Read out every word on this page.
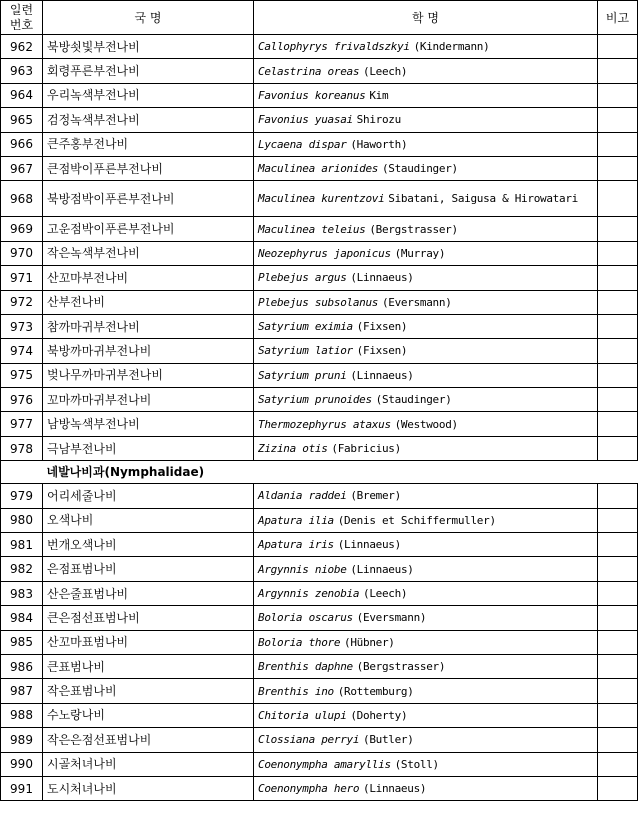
일련
번호	국 명	학 명	비고
962	북방쇳빛부전나비	Callophyrys frivaldszkyi (Kindermann)	
963	회령푸른부전나비	Celastrina oreas (Leech)	
964	우리녹색부전나비	Favonius koreanus Kim	
965	검정녹색부전나비	Favonius yuasai Shirozu	
966	큰주홍부전나비	Lycaena dispar (Haworth)	
967	큰점박이푸른부전나비	Maculinea arionides (Staudinger)	
968	북방점박이푸른부전나비	Maculinea kurentzovi Sibatani, Saigusa & Hirowatari	
969	고운점박이푸른부전나비	Maculinea teleius (Bergstrasser)	
970	작은녹색부전나비	Neozephyrus japonicus (Murray)	
971	산꼬마부전나비	Plebejus argus (Linnaeus)	
972	산부전나비	Plebejus subsolanus (Eversmann)	
973	참까마귀부전나비	Satyrium eximia (Fixsen)	
974	북방까마귀부전나비	Satyrium latior (Fixsen)	
975	벚나무까마귀부전나비	Satyrium pruni (Linnaeus)	
976	꼬마까마귀부전나비	Satyrium prunoides (Staudinger)	
977	남방녹색부전나비	Thermozephyrus ataxus (Westwood)	
978	극남부전나비	Zizina otis (Fabricius)	
	네발나비과(Nymphalidae)		
979	어리세줄나비	Aldania raddei (Bremer)	
980	오색나비	Apatura ilia (Denis et Schiffermuller)	
981	번개오색나비	Apatura iris (Linnaeus)	
982	은점표범나비	Argynnis niobe (Linnaeus)	
983	산은줄표범나비	Argynnis zenobia (Leech)	
984	큰은점선표범나비	Boloria oscarus (Eversmann)	
985	산꼬마표범나비	Boloria thore (Hübner)	
986	큰표범나비	Brenthis daphne (Bergstrasser)	
987	작은표범나비	Brenthis ino (Rottemburg)	
988	수노랑나비	Chitoria ulupi (Doherty)	
989	작은은점선표범나비	Clossiana perryi (Butler)	
990	시골처녀나비	Coenonympha amaryllis (Stoll)	
991	도시처녀나비	Coenonympha hero (Linnaeus)	
